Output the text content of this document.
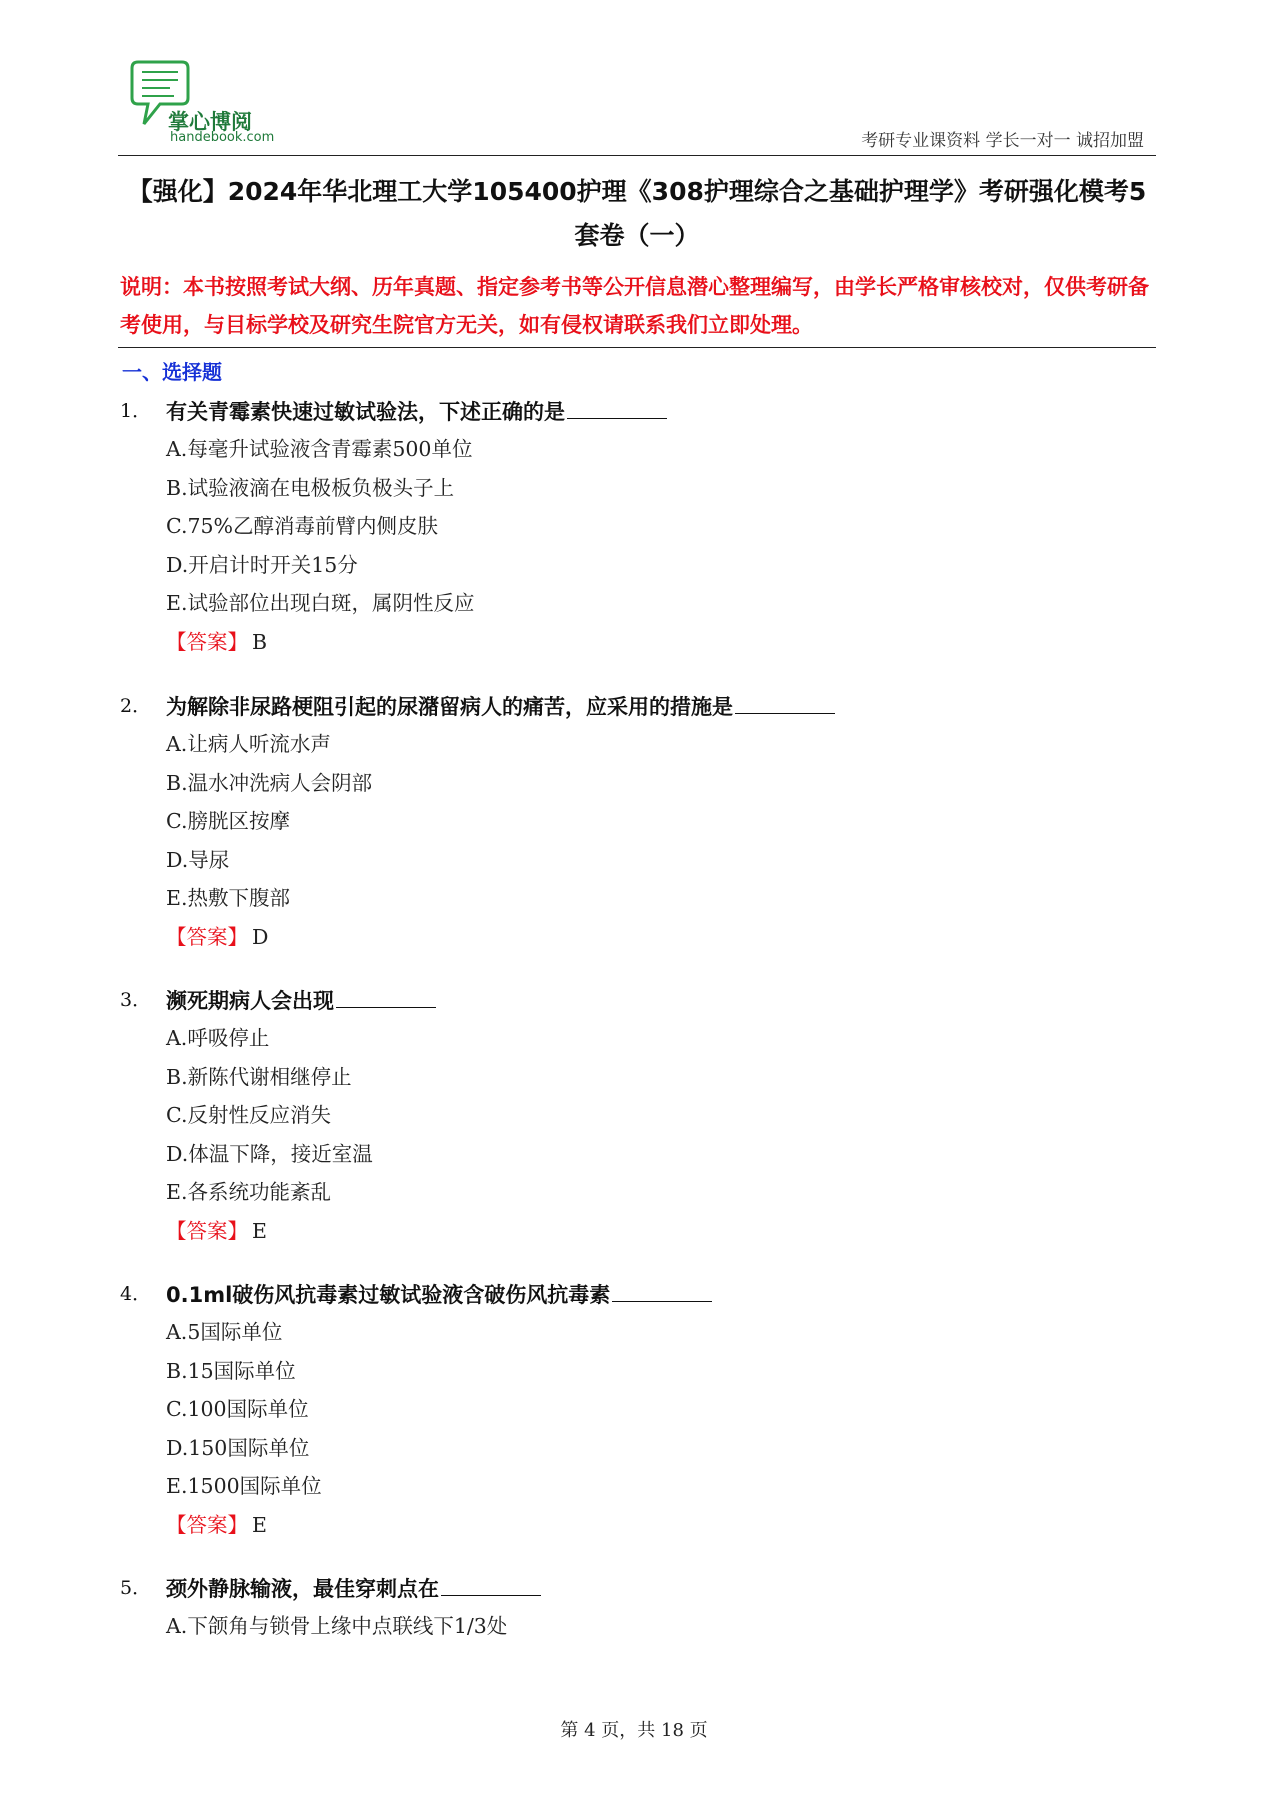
掌心博阅
handebook.com	考研专业课资料 学长一对一 诚招加盟
【强化】2024年华北理工大学105400护理《308护理综合之基础护理学》考研强化模考5套卷（一）
说明：本书按照考试大纲、历年真题、指定参考书等公开信息潜心整理编写，由学长严格审核校对，仅供考研备考使用，与目标学校及研究生院官方无关，如有侵权请联系我们立即处理。
一、选择题
1． 有关青霉素快速过敏试验法，下述正确的是
A.每毫升试验液含青霉素500单位
B.试验液滴在电极板负极头子上
C.75%乙醇消毒前臂内侧皮肤
D.开启计时开关15分
E.试验部位出现白斑，属阴性反应
【答案】 B
2． 为解除非尿路梗阻引起的尿潴留病人的痛苦，应采用的措施是
A.让病人听流水声
B.温水冲洗病人会阴部
C.膀胱区按摩
D.导尿
E.热敷下腹部
【答案】 D
3． 濒死期病人会出现
A.呼吸停止
B.新陈代谢相继停止
C.反射性反应消失
D.体温下降，接近室温
E.各系统功能紊乱
【答案】 E
4． 0.1ml破伤风抗毒素过敏试验液含破伤风抗毒素
A.5国际单位
B.15国际单位
C.100国际单位
D.150国际单位
E.1500国际单位
【答案】 E
5． 颈外静脉输液，最佳穿刺点在
A.下颌角与锁骨上缘中点联线下1/3处
第 4 页，共 18 页
